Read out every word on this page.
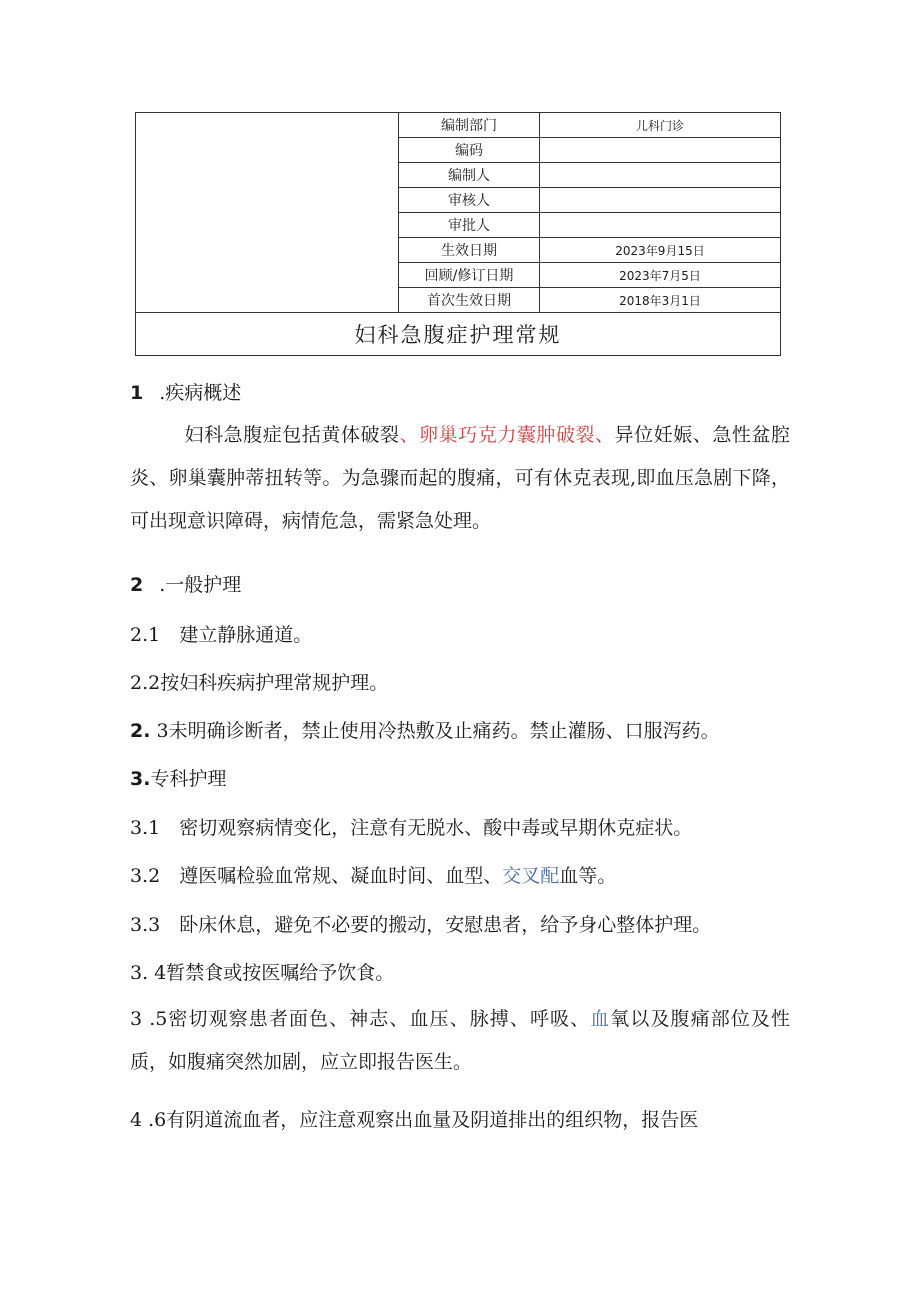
	编制部门	儿科门诊
	编码	
	编制人	
	审核人	
	审批人	
	生效日期	2023年9月15日
	回顾/修订日期	2023年7月5日
	首次生效日期	2018年3月1日
妇科急腹症护理常规		
1 .疾病概述
妇科急腹症包括黄体破裂、卵巢巧克力囊肿破裂、异位妊娠、急性盆腔炎、卵巢囊肿蒂扭转等。为急骤而起的腹痛，可有休克表现,即血压急剧下降，可出现意识障碍，病情危急，需紧急处理。
2 .一般护理
2.1　建立静脉通道。
2.2按妇科疾病护理常规护理。
2. 3未明确诊断者，禁止使用冷热敷及止痛药。禁止灌肠、口服泻药。
3.专科护理
3.1　密切观察病情变化，注意有无脱水、酸中毒或早期休克症状。
3.2　遵医嘱检验血常规、凝血时间、血型、交叉配血等。
3.3　卧床休息，避免不必要的搬动，安慰患者，给予身心整体护理。
3. 4暂禁食或按医嘱给予饮食。
3 .5密切观察患者面色、神志、血压、脉搏、呼吸、血氧以及腹痛部位及性质，如腹痛突然加剧，应立即报告医生。
4 .6有阴道流血者，应注意观察出血量及阴道排出的组织物，报告医
